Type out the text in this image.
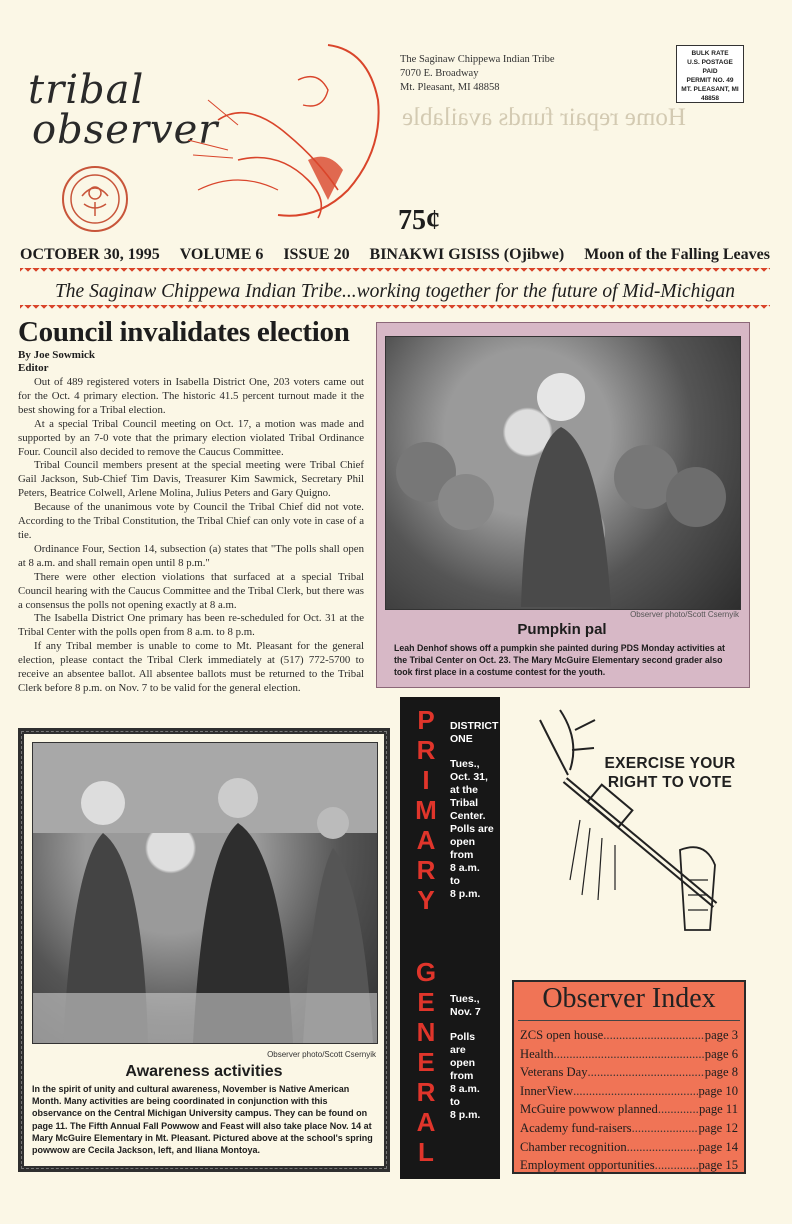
tribal
observer
The Saginaw Chippewa Indian Tribe
7070 E. Broadway
Mt. Pleasant, MI 48858
BULK RATE
U.S. POSTAGE
PAID
PERMIT NO. 49
MT. PLEASANT, MI
48858
Home repair funds available
75¢
OCTOBER 30, 1995 VOLUME 6 ISSUE 20 BINAKWI GISISS (Ojibwe) Moon of the Falling Leaves
The Saginaw Chippewa Indian Tribe...working together for the future of Mid-Michigan
Council invalidates election
By Joe Sowmick
Editor

Out of 489 registered voters in Isabella District One, 203 voters came out for the Oct. 4 primary election. The historic 41.5 percent turnout made it the best showing for a Tribal election.

At a special Tribal Council meeting on Oct. 17, a motion was made and supported by an 7-0 vote that the primary election violated Tribal Ordinance Four. Council also decided to remove the Caucus Committee.

Tribal Council members present at the special meeting were Tribal Chief Gail Jackson, Sub-Chief Tim Davis, Treasurer Kim Sawmick, Secretary Phil Peters, Beatrice Colwell, Arlene Molina, Julius Peters and Gary Quigno.

Because of the unanimous vote by Council the Tribal Chief did not vote. According to the Tribal Constitution, the Tribal Chief can only vote in case of a tie.

Ordinance Four, Section 14, subsection (a) states that "The polls shall open at 8 a.m. and shall remain open until 8 p.m."

There were other election violations that surfaced at a special Tribal Council hearing with the Caucus Committee and the Tribal Clerk, but there was a consensus the polls not opening exactly at 8 a.m.

The Isabella District One primary has been re-scheduled for Oct. 31 at the Tribal Center with the polls open from 8 a.m. to 8 p.m.

If any Tribal member is unable to come to Mt. Pleasant for the general election, please contact the Tribal Clerk immediately at (517) 772-5700 to receive an absentee ballot. All absentee ballots must be returned to the Tribal Clerk before 8 p.m. on Nov. 7 to be valid for the general election.

Observer photo/Scott Csernyik
Pumpkin pal
Leah Denhof shows off a pumpkin she painted during PDS Monday activities at the Tribal Center on Oct. 23. The Mary McGuire Elementary second grader also took first place in a costume contest for the youth.
Observer photo/Scott Csernyik
Awareness activities
In the spirit of unity and cultural awareness, November is Native American Month. Many activities are being coordinated in conjunction with this observance on the Central Michigan University campus. They can be found on page 11. The Fifth Annual Fall Powwow and Feast will also take place Nov. 14 at Mary McGuire Elementary in Mt. Pleasant. Pictured above at the school's spring powwow are Cecila Jackson, left, and Iliana Montoya.
P
R
I
M
A
R
Y
G
E
N
E
R
A
L
DISTRICT
ONE
Tues.,
Oct. 31,
at the
Tribal
Center.
Polls are
open
from
8 a.m.
to
8 p.m.
Tues.,
Nov. 7
Polls
are
open
from
8 a.m.
to
8 p.m.
EXERCISE YOUR
RIGHT TO VOTE
Observer Index
ZCS open house .....	page 3
Health .....	page 6
Veterans Day .....	page 8
InnerView .....	page 10
McGuire powwow planned .....	page 11
Academy fund-raisers .....	page 12
Chamber recognition .....	page 14
Employment opportunities .....	page 15
